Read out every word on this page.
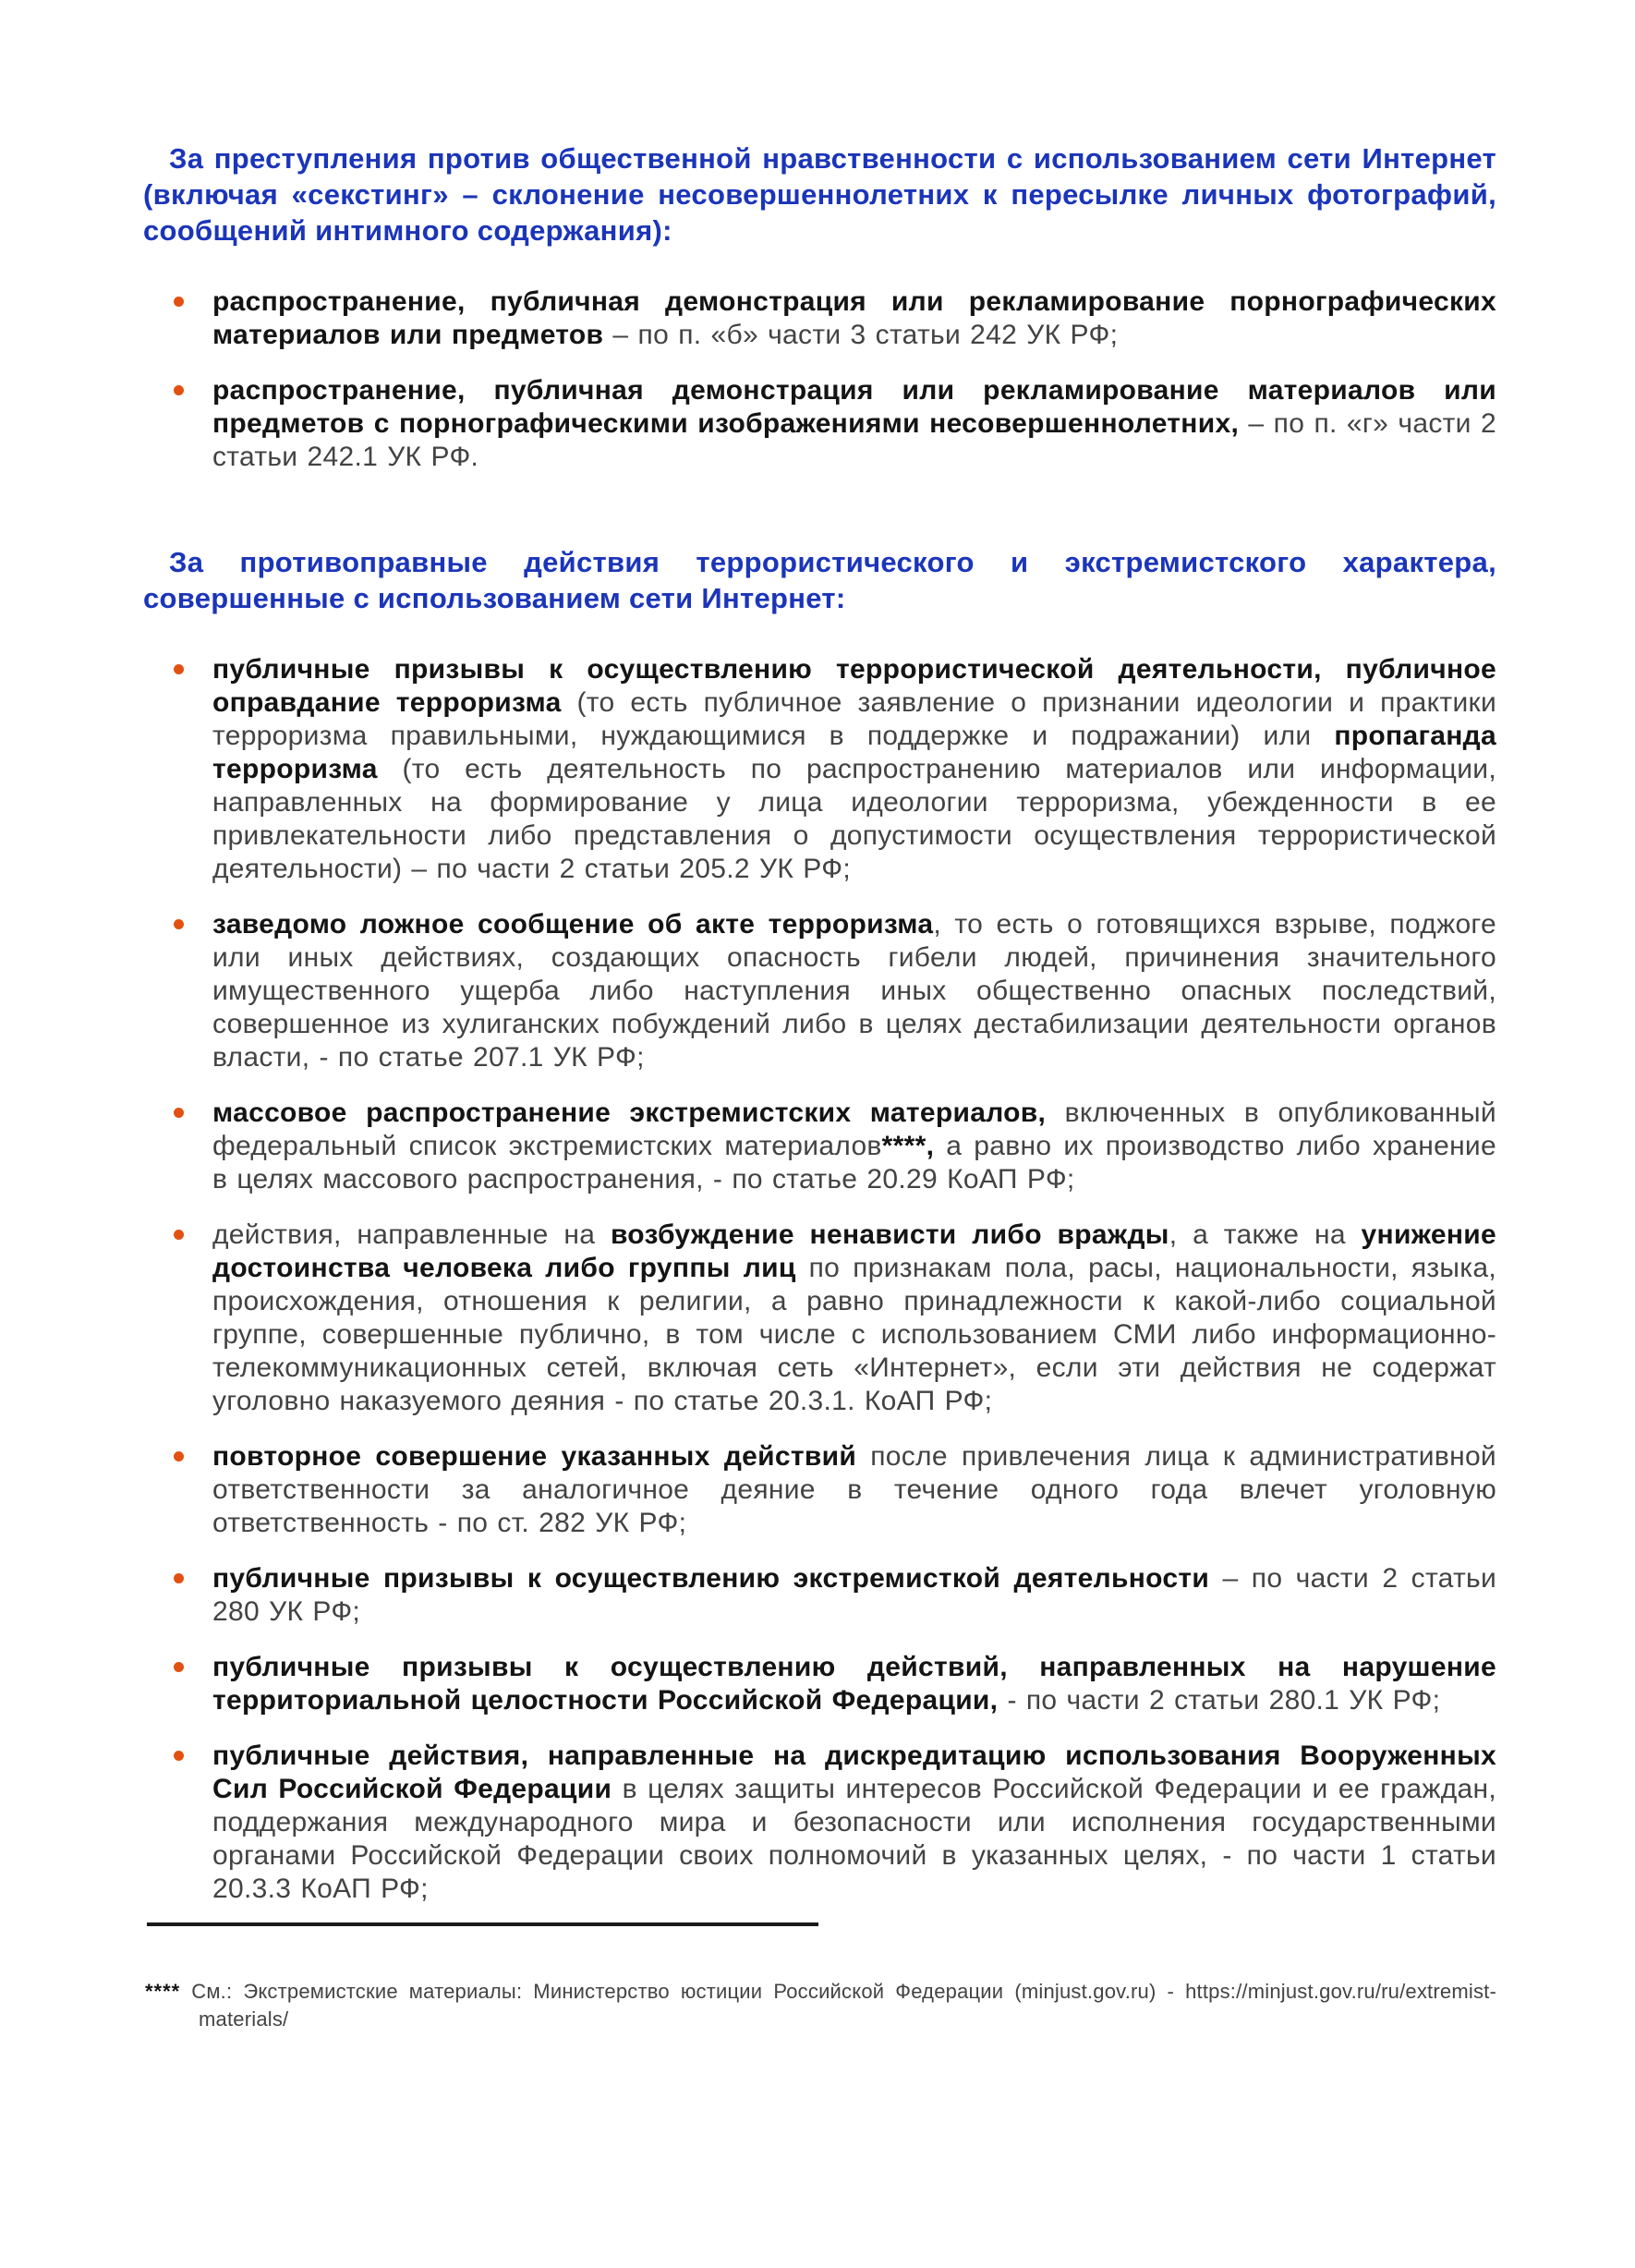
За преступления против общественной нравственности с использованием сети Интернет (включая «секстинг» – склонение несовершеннолетних к пересылке личных фотографий, сообщений интимного содержания):
распространение, публичная демонстрация или рекламирование порнографических материалов или предметов – по п. «б» части 3 статьи 242 УК РФ;
распространение, публичная демонстрация или рекламирование материалов или предметов с порнографическими изображениями несовершеннолетних, – по п. «г» части 2 статьи 242.1 УК РФ.
За противоправные действия террористического и экстремистского характера, совершенные с использованием сети Интернет:
публичные призывы к осуществлению террористической деятельности, публичное оправдание терроризма (то есть публичное заявление о признании идеологии и практики терроризма правильными, нуждающимися в поддержке и подражании) или пропаганда терроризма (то есть деятельность по распространению материалов или информации, направленных на формирование у лица идеологии терроризма, убежденности в ее привлекательности либо представления о допустимости осуществления террористической деятельности) – по части 2 статьи 205.2 УК РФ;
заведомо ложное сообщение об акте терроризма, то есть о готовящихся взрыве, поджоге или иных действиях, создающих опасность гибели людей, причинения значительного имущественного ущерба либо наступления иных общественно опасных последствий, совершенное из хулиганских побуждений либо в целях дестабилизации деятельности органов власти, - по статье 207.1 УК РФ;
массовое распространение экстремистских материалов, включенных в опубликованный федеральный список экстремистских материалов****, а равно их производство либо хранение в целях массового распространения, - по статье 20.29 КоАП РФ;
действия, направленные на возбуждение ненависти либо вражды, а также на унижение достоинства человека либо группы лиц по признакам пола, расы, национальности, языка, происхождения, отношения к религии, а равно принадлежности к какой-либо социальной группе, совершенные публично, в том числе с использованием СМИ либо информационно-телекоммуникационных сетей, включая сеть «Интернет», если эти действия не содержат уголовно наказуемого деяния - по статье 20.3.1. КоАП РФ;
повторное совершение указанных действий после привлечения лица к административной ответственности за аналогичное деяние в течение одного года влечет уголовную ответственность - по ст. 282 УК РФ;
публичные призывы к осуществлению экстремисткой деятельности – по части 2 статьи 280 УК РФ;
публичные призывы к осуществлению действий, направленных на нарушение территориальной целостности Российской Федерации, - по части 2 статьи 280.1 УК РФ;
публичные действия, направленные на дискредитацию использования Вооруженных Сил Российской Федерации в целях защиты интересов Российской Федерации и ее граждан, поддержания международного мира и безопасности или исполнения государственными органами Российской Федерации своих полномочий в указанных целях, - по части 1 статьи 20.3.3 КоАП РФ;

**** См.: Экстремистские материалы: Министерство юстиции Российской Федерации (minjust.gov.ru) - https://minjust.gov.ru/ru/extremist-materials/
